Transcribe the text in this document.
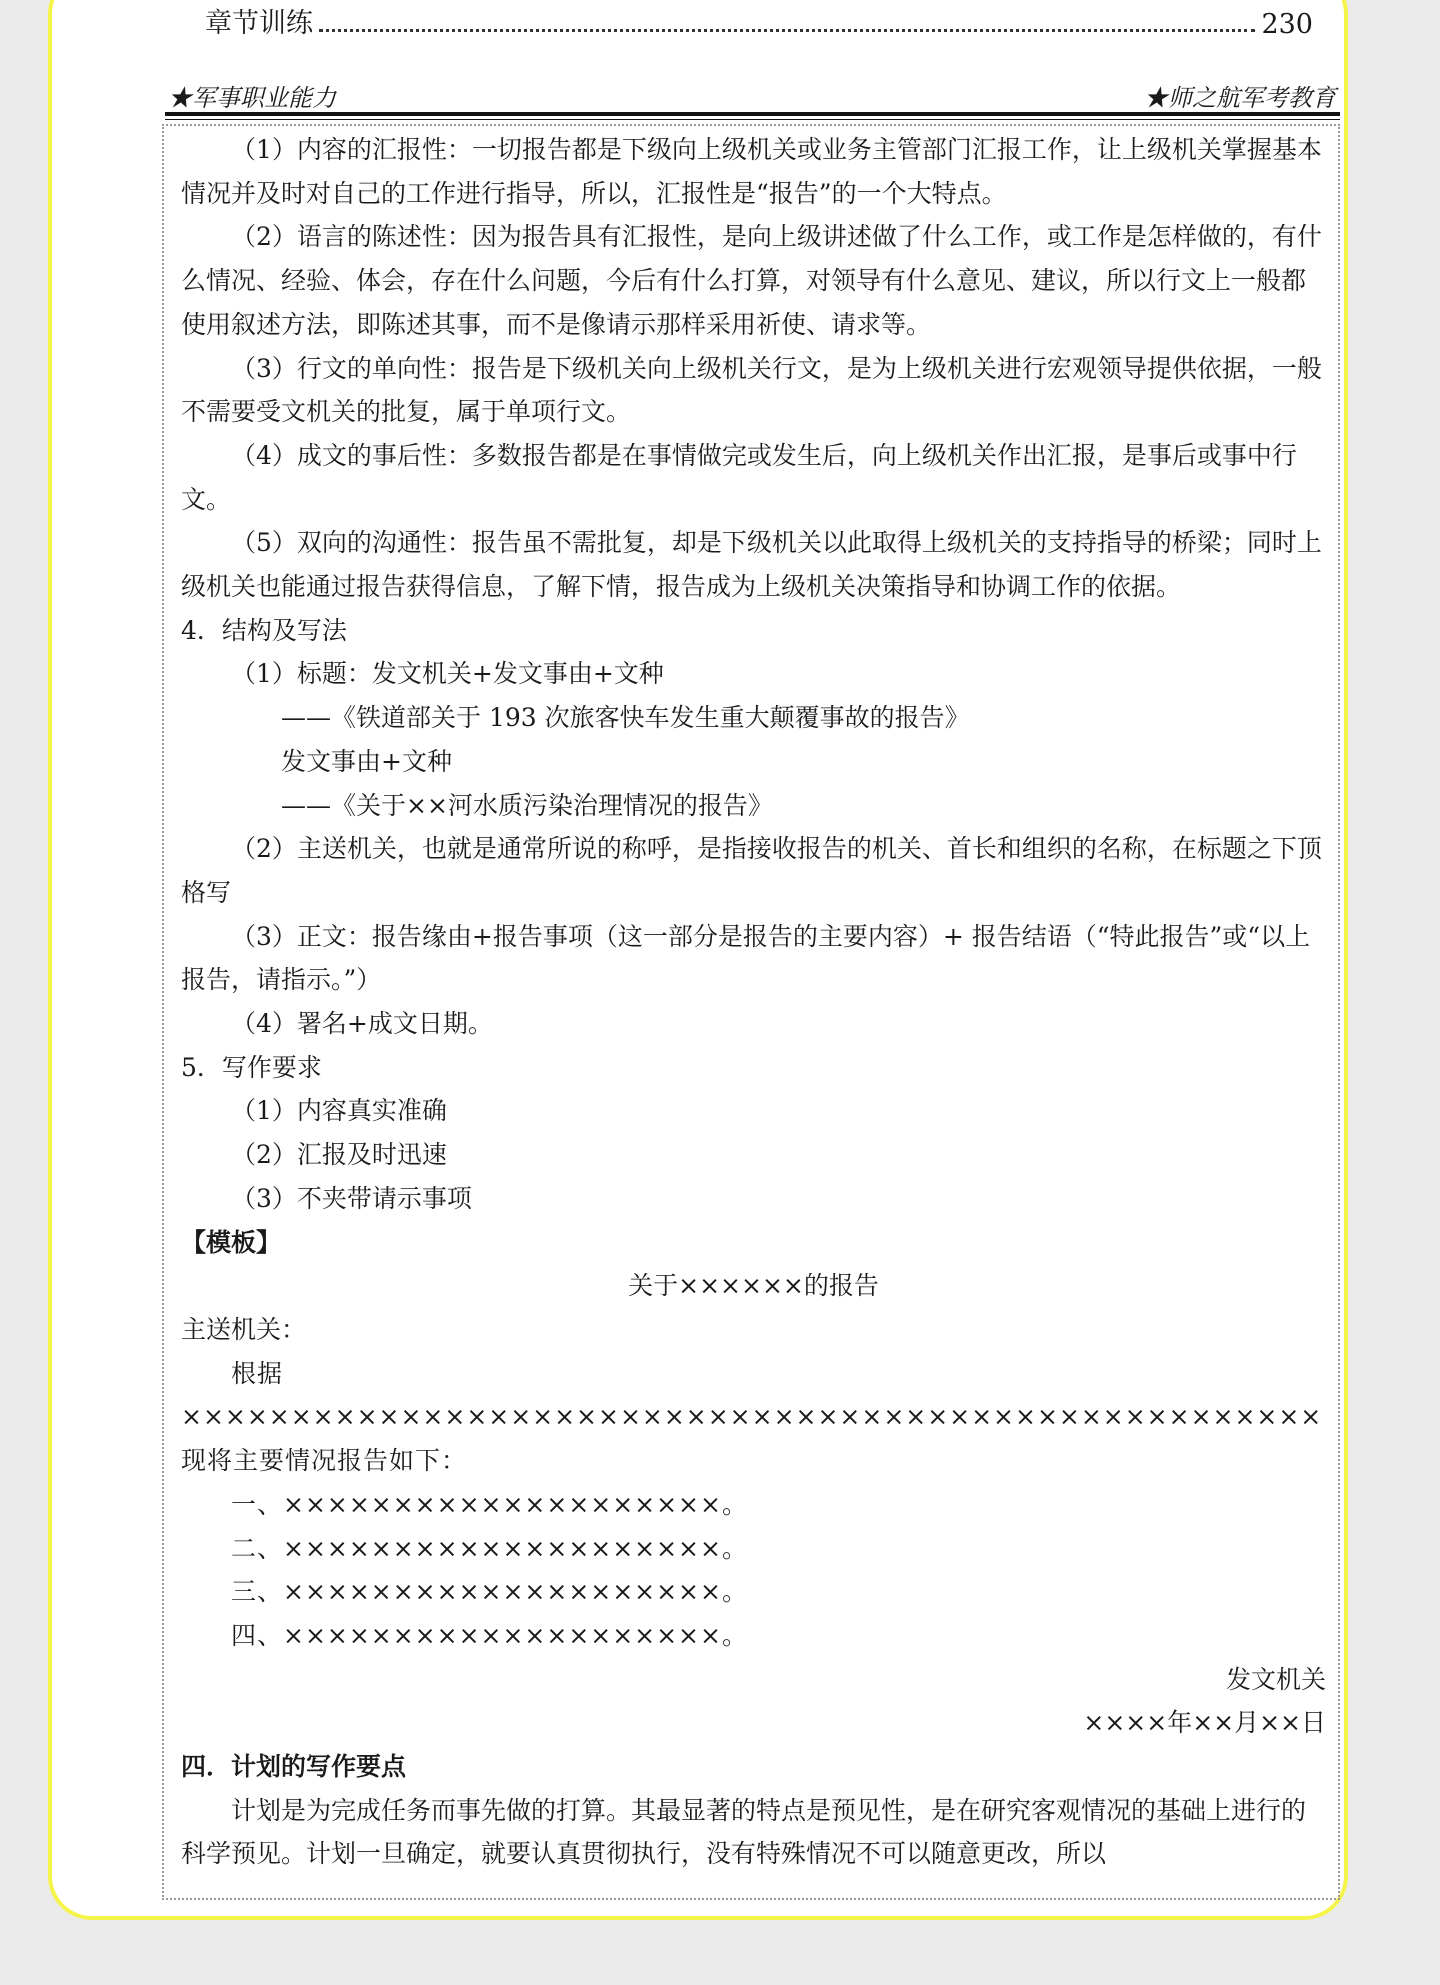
章节训练	230
★军事职业能力	★师之航军考教育

（1）内容的汇报性：一切报告都是下级向上级机关或业务主管部门汇报工作，让上级机关掌握基本情况并及时对自己的工作进行指导，所以，汇报性是“报告”的一个大特点。

（2）语言的陈述性：因为报告具有汇报性，是向上级讲述做了什么工作，或工作是怎样做的，有什么情况、经验、体会，存在什么问题，今后有什么打算，对领导有什么意见、建议，所以行文上一般都使用叙述方法，即陈述其事，而不是像请示那样采用祈使、请求等。

（3）行文的单向性：报告是下级机关向上级机关行文，是为上级机关进行宏观领导提供依据，一般不需要受文机关的批复，属于单项行文。

（4）成文的事后性：多数报告都是在事情做完或发生后，向上级机关作出汇报，是事后或事中行文。

（5）双向的沟通性：报告虽不需批复，却是下级机关以此取得上级机关的支持指导的桥梁；同时上级机关也能通过报告获得信息，了解下情，报告成为上级机关决策指导和协调工作的依据。

4．结构及写法

（1）标题：发文机关+发文事由+文种

——《铁道部关于 193 次旅客快车发生重大颠覆事故的报告》

发文事由+文种

——《关于××河水质污染治理情况的报告》

（2）主送机关，也就是通常所说的称呼，是指接收报告的机关、首长和组织的名称，在标题之下顶格写

（3）正文：报告缘由+报告事项（这一部分是报告的主要内容）+ 报告结语（“特此报告”或“以上报告，请指示。”）

（4）署名+成文日期。

5．写作要求

（1）内容真实准确

（2）汇报及时迅速

（3）不夹带请示事项

【模板】

关于××××××的报告

主送机关：

根据××××××××××××××××××××××××××××××××××××××××××××××××××××现将主要情况报告如下：

一、××××××××××××××××××××。

二、××××××××××××××××××××。

三、××××××××××××××××××××。

四、××××××××××××××××××××。

发文机关

××××年××月××日

四．计划的写作要点

计划是为完成任务而事先做的打算。其最显著的特点是预见性，是在研究客观情况的基础上进行的科学预见。计划一旦确定，就要认真贯彻执行，没有特殊情况不可以随意更改，所以
